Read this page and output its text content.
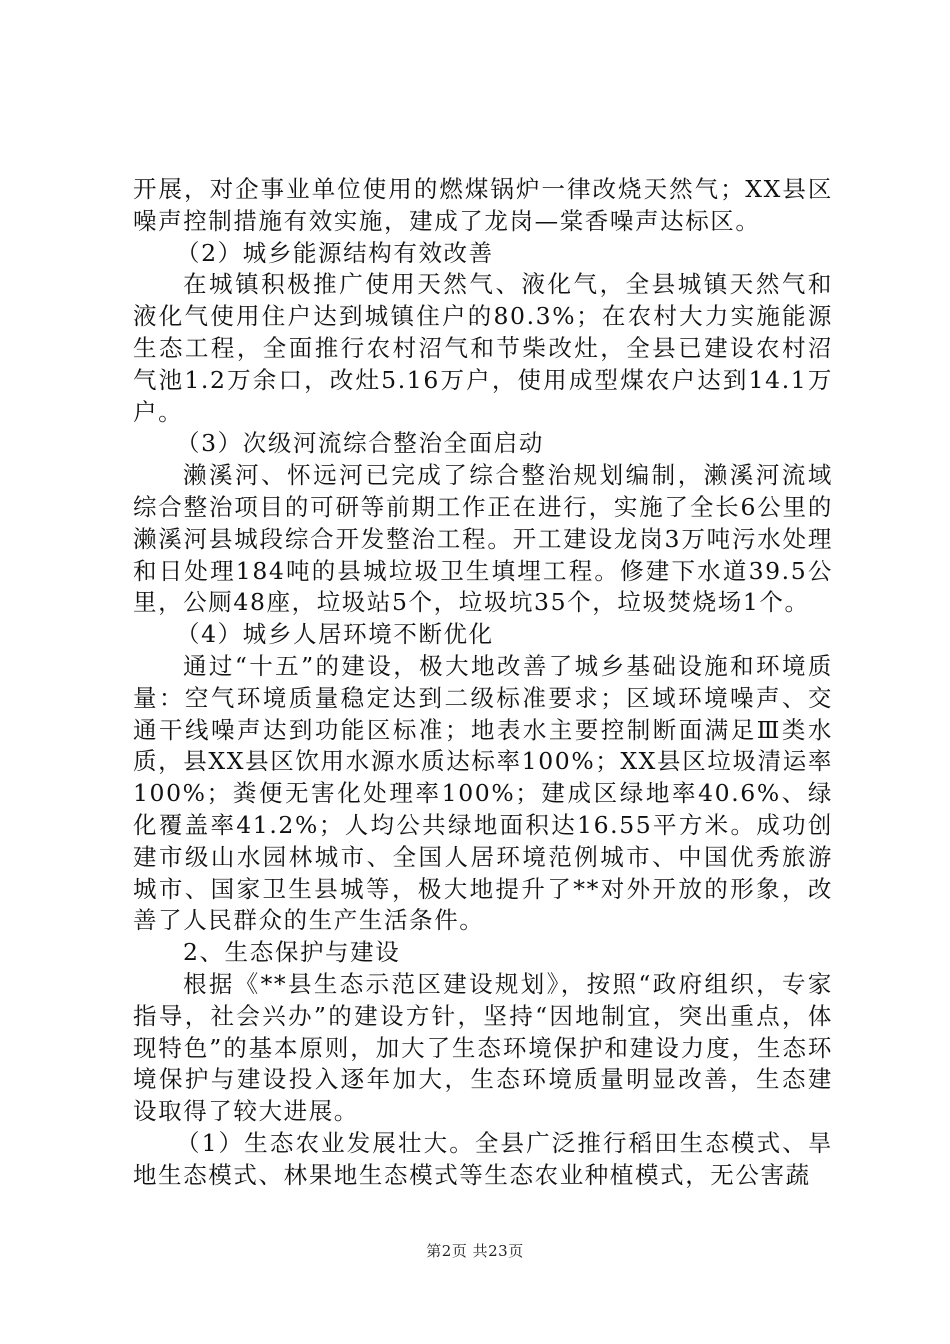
开展，对企事业单位使用的燃煤锅炉一律改烧天然气；XX县区噪声控制措施有效实施，建成了龙岗—棠香噪声达标区。

（2）城乡能源结构有效改善

在城镇积极推广使用天然气、液化气，全县城镇天然气和液化气使用住户达到城镇住户的80.3%；在农村大力实施能源生态工程，全面推行农村沼气和节柴改灶，全县已建设农村沼气池1.2万余口，改灶5.16万户，使用成型煤农户达到14.1万户。

（3）次级河流综合整治全面启动

濑溪河、怀远河已完成了综合整治规划编制，濑溪河流域综合整治项目的可研等前期工作正在进行，实施了全长6公里的濑溪河县城段综合开发整治工程。开工建设龙岗3万吨污水处理和日处理184吨的县城垃圾卫生填埋工程。修建下水道39.5公里，公厕48座，垃圾站5个，垃圾坑35个，垃圾焚烧场1个。

（4）城乡人居环境不断优化

通过“十五”的建设，极大地改善了城乡基础设施和环境质量：空气环境质量稳定达到二级标准要求；区域环境噪声、交通干线噪声达到功能区标准；地表水主要控制断面满足Ⅲ类水质，县XX县区饮用水源水质达标率100%；XX县区垃圾清运率100%；粪便无害化处理率100%；建成区绿地率40.6%、绿化覆盖率41.2%；人均公共绿地面积达16.55平方米。成功创建市级山水园林城市、全国人居环境范例城市、中国优秀旅游城市、国家卫生县城等，极大地提升了**对外开放的形象，改善了人民群众的生产生活条件。

2、生态保护与建设

根据《**县生态示范区建设规划》，按照“政府组织，专家指导，社会兴办”的建设方针，坚持“因地制宜，突出重点，体现特色”的基本原则，加大了生态环境保护和建设力度，生态环境保护与建设投入逐年加大，生态环境质量明显改善，生态建设取得了较大进展。

（1）生态农业发展壮大。全县广泛推行稻田生态模式、旱地生态模式、林果地生态模式等生态农业种植模式，无公害蔬

第2页 共23页
